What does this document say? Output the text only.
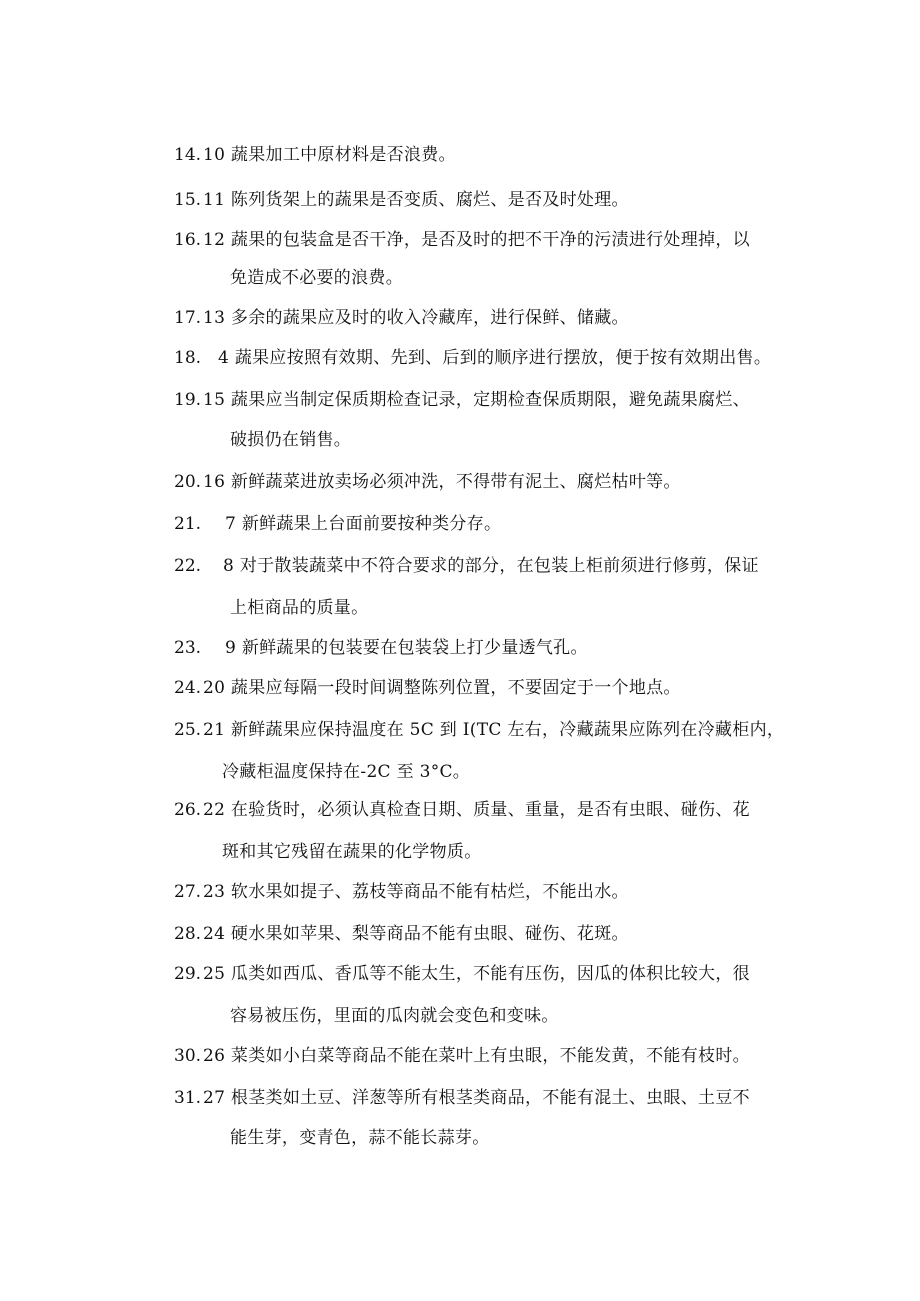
14. 10 蔬果加工中原材料是否浪费。
15. 11 陈列货架上的蔬果是否变质、腐烂、是否及时处理。
16. 12 蔬果的包装盒是否干净，是否及时的把不干净的污渍进行处理掉，以
免造成不必要的浪费。
17. 13 多余的蔬果应及时的收入冷藏库，进行保鲜、储藏。
18. 4 蔬果应按照有效期、先到、后到的顺序进行摆放，便于按有效期出售。
19. 15 蔬果应当制定保质期检查记录，定期检查保质期限，避免蔬果腐烂、
破损仍在销售。
20. 16 新鲜蔬菜进放卖场必须冲洗，不得带有泥土、腐烂枯叶等。
21. 7 新鲜蔬果上台面前要按种类分存。
22. 8 对于散装蔬菜中不符合要求的部分，在包装上柜前须进行修剪，保证
上柜商品的质量。
23. 9 新鲜蔬果的包装要在包装袋上打少量透气孔。
24. 20 蔬果应每隔一段时间调整陈列位置，不要固定于一个地点。
25. 21 新鲜蔬果应保持温度在 5C 到 I(TC 左右，冷藏蔬果应陈列在冷藏柜内，
冷藏柜温度保持在-2C 至 3°C。
26. 22 在验货时，必须认真检查日期、质量、重量，是否有虫眼、碰伤、花
斑和其它残留在蔬果的化学物质。
27. 23 软水果如提子、荔枝等商品不能有枯烂，不能出水。
28. 24 硬水果如苹果、梨等商品不能有虫眼、碰伤、花斑。
29. 25 瓜类如西瓜、香瓜等不能太生，不能有压伤，因瓜的体积比较大，很
容易被压伤，里面的瓜肉就会变色和变味。
30. 26 菜类如小白菜等商品不能在菜叶上有虫眼，不能发黄，不能有枝时。
31. 27 根茎类如土豆、洋葱等所有根茎类商品，不能有混土、虫眼、土豆不
能生芽，变青色，蒜不能长蒜芽。
